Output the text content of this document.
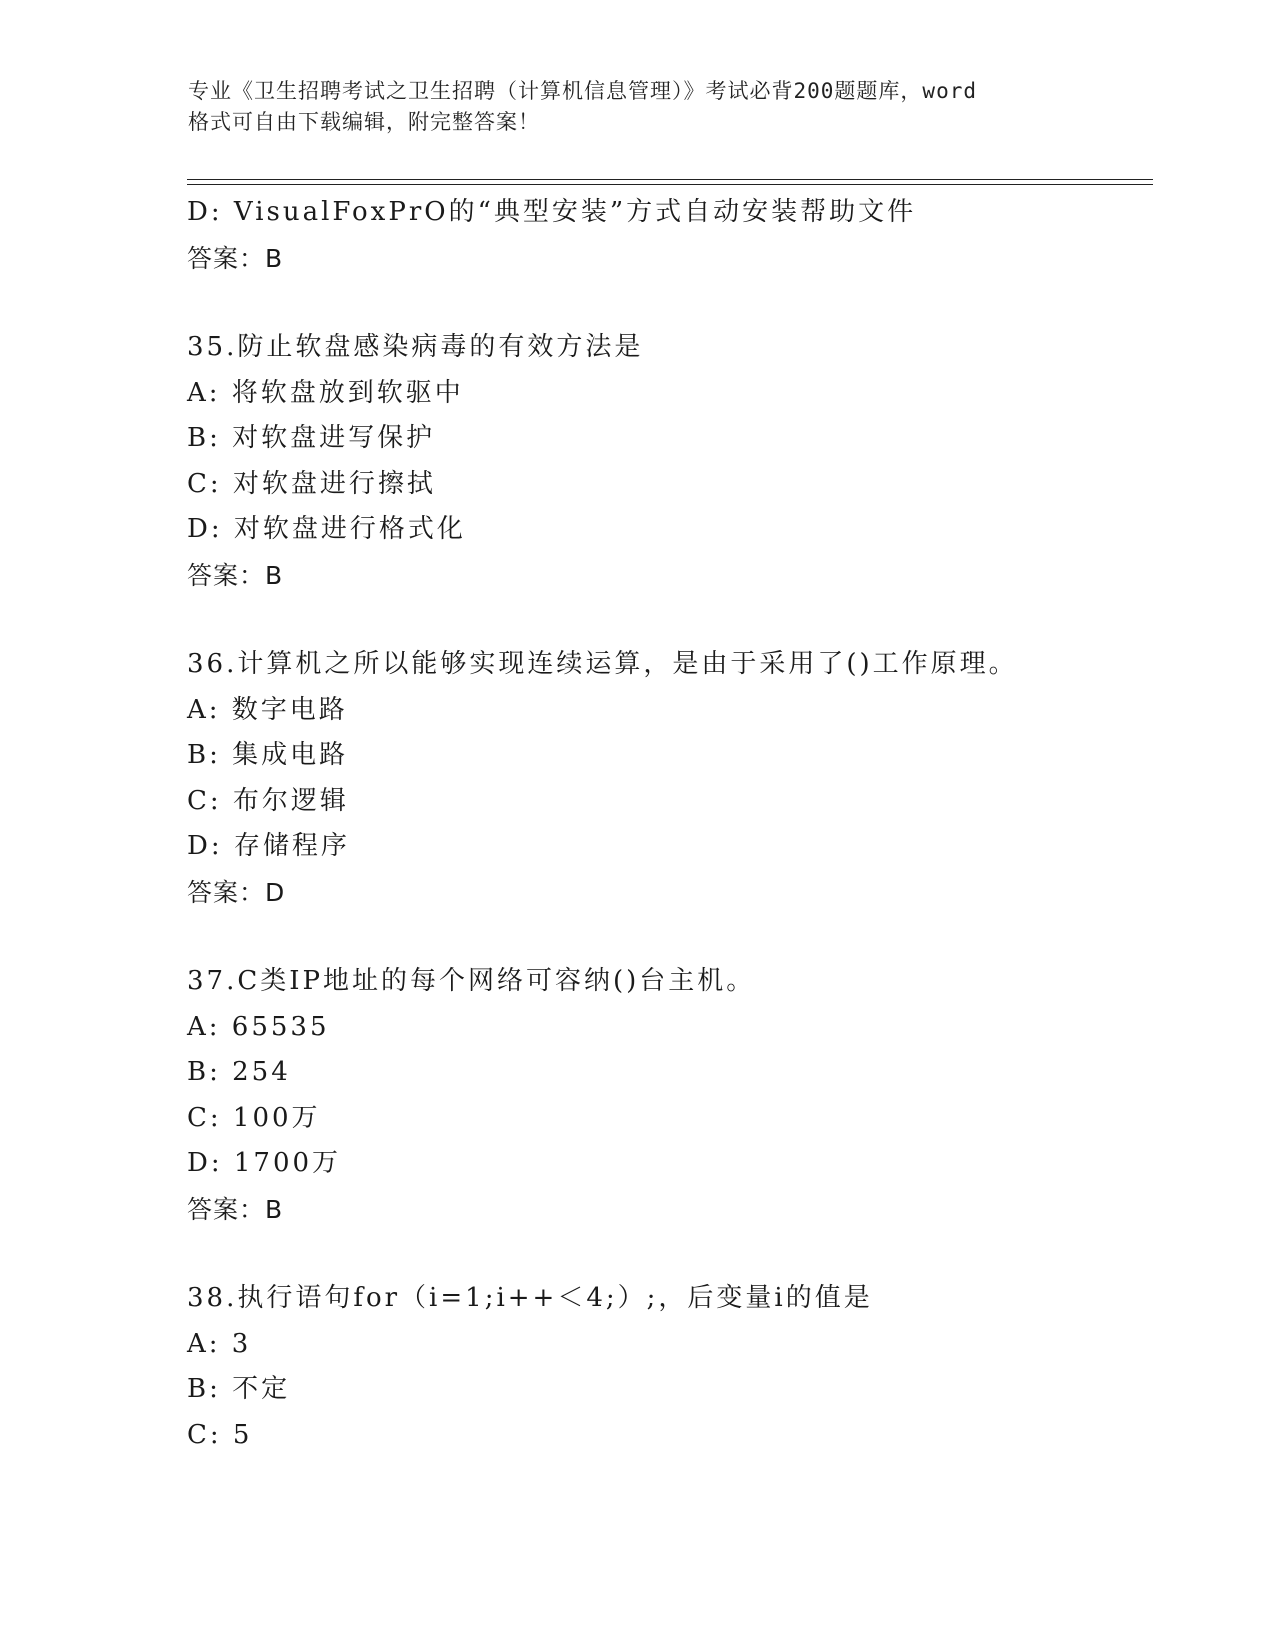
专业《卫生招聘考试之卫生招聘（计算机信息管理）》考试必背200题题库，word
格式可自由下载编辑，附完整答案！
D: VisualFoxPrO的“典型安装”方式自动安装帮助文件
答案：B
35.防止软盘感染病毒的有效方法是
A: 将软盘放到软驱中
B: 对软盘进写保护
C: 对软盘进行擦拭
D: 对软盘进行格式化
答案：B
36.计算机之所以能够实现连续运算，是由于采用了()工作原理。
A: 数字电路
B: 集成电路
C: 布尔逻辑
D: 存储程序
答案：D
37.C类IP地址的每个网络可容纳()台主机。
A: 65535
B: 254
C: 100万
D: 1700万
答案：B
38.执行语句for（i=1;i++＜4;）;，后变量i的值是
A: 3
B: 不定
C: 5
